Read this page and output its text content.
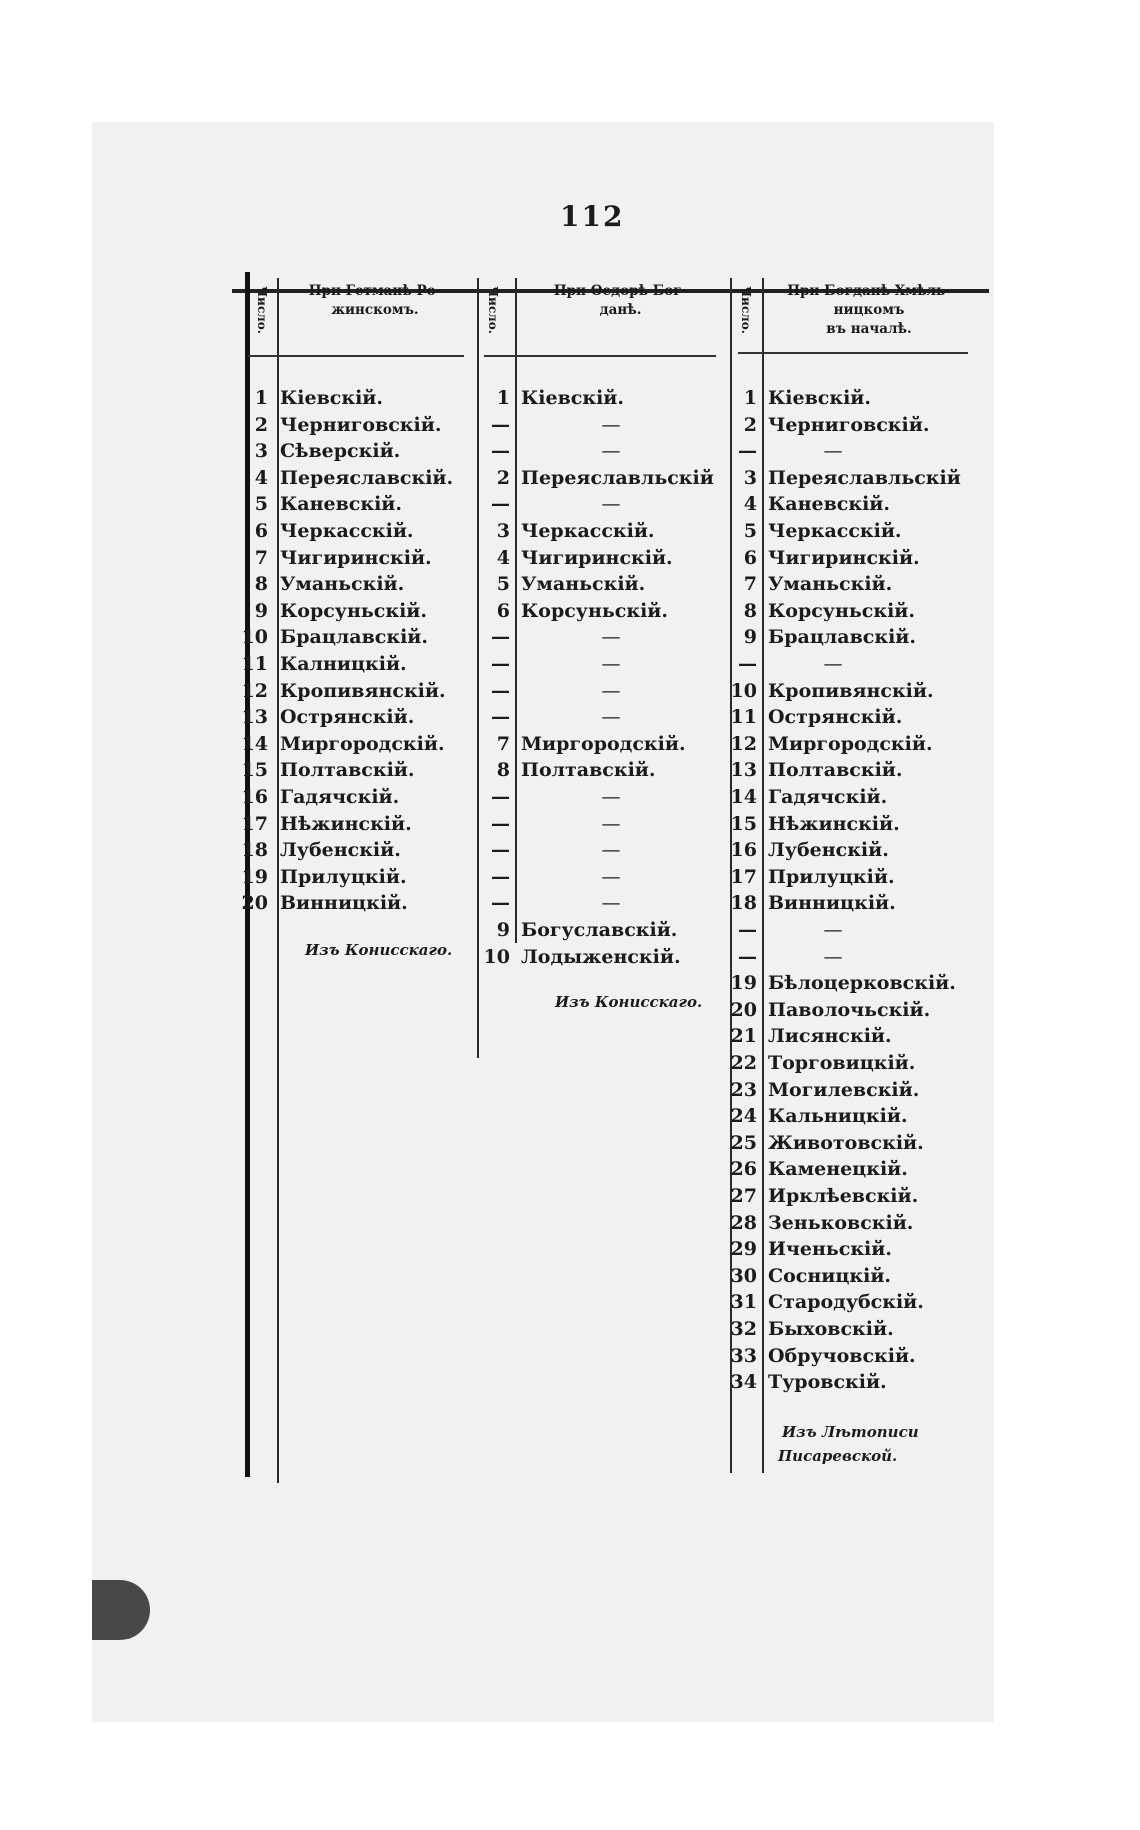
112
Число.	Число.	Число.
При Гетманѣ Ро-
жинскомъ.
При Ѳедорѣ Бог-
данѣ.
При Богданѣ Хмѣль-
ницкомъ
въ началѣ.
1 Кіевскій.
2 Черниговскій.
3 Сѣверскій.
4 Переяславскій.
5 Каневскій.
6 Черкасскій.
7 Чигиринскій.
8 Уманьскій.
9 Корсуньскій.
10 Брацлавскій.
11 Калницкій.
12 Кропивянскій.
13 Острянскій.
14 Миргородскій.
15 Полтавскій.
16 Гадячскій.
17 Нѣжинскій.
18 Лубенскій.
19 Прилуцкій.
20 Винницкій.
1 Кіевскій.
—	—
—	—
2 Переяславльскій
—	—
3 Черкасскій.
4 Чигиринскій.
5 Уманьскій.
6 Корсуньскій.
—	—
—	—
—	—
—	—
7 Миргородскій.
8 Полтавскій.
—	—
—	—
—	—
—	—
—	—
9 Богуславскій.
10 Лодыженскій.
1 Кіевскій.
2 Черниговскій.
—	—
3 Переяславльскій
4 Каневскій.
5 Черкасскій.
6 Чигиринскій.
7 Уманьскій.
8 Корсуньскій.
9 Брацлавскій.
—	—
10 Кропивянскій.
11 Острянскій.
12 Миргородскій.
13 Полтавскій.
14 Гадячскій.
15 Нѣжинскій.
16 Лубенскій.
17 Прилуцкій.
18 Винницкій.
—	—
—	—
19 Бѣлоцерковскій.
20 Паволочьскій.
21 Лисянскій.
22 Торговицкій.
23 Могилевскій.
24 Кальницкій.
25 Животовскій.
26 Каменецкій.
27 Ирклѣевскій.
28 Зеньковскій.
29 Иченьскій.
30 Сосницкій.
31 Стародубскій.
32 Быховскій.
33 Обручовскій.
34 Туровскій.
Изъ Конисскаго.
Изъ Конисскаго.
Изъ Лѣтописи
Писаревской.
